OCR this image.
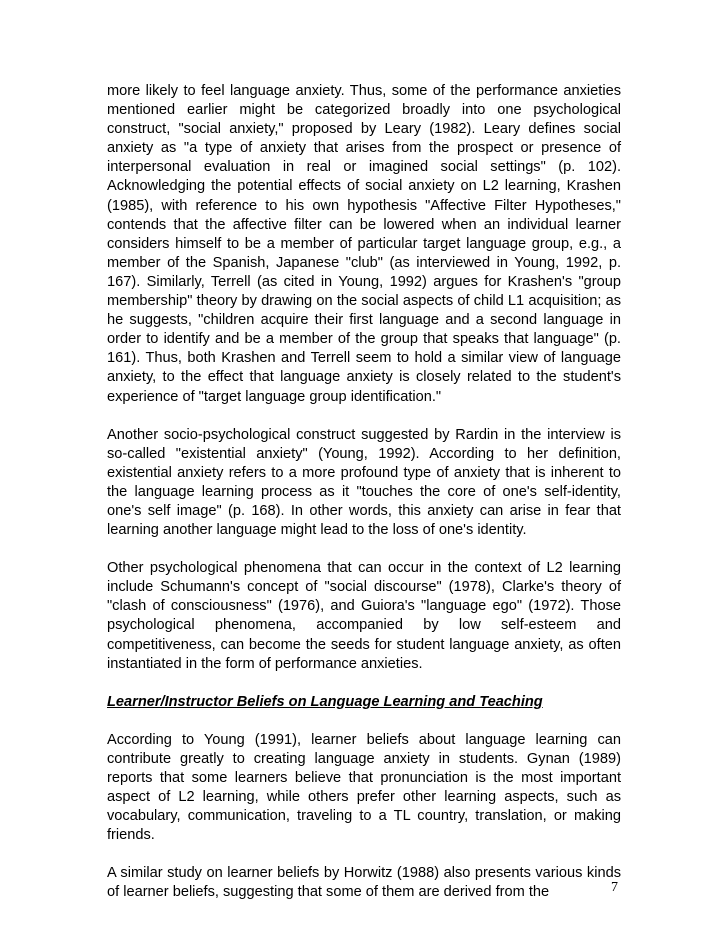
more likely to feel language anxiety. Thus, some of the performance anxieties mentioned earlier might be categorized broadly into one psychological construct, "social anxiety," proposed by Leary (1982). Leary defines social anxiety as "a type of anxiety that arises from the prospect or presence of interpersonal evaluation in real or imagined social settings" (p. 102). Acknowledging the potential effects of social anxiety on L2 learning, Krashen (1985), with reference to his own hypothesis "Affective Filter Hypotheses," contends that the affective filter can be lowered when an individual learner considers himself to be a member of particular target language group, e.g., a member of the Spanish, Japanese "club" (as interviewed in Young, 1992, p. 167). Similarly, Terrell (as cited in Young, 1992) argues for Krashen's "group membership" theory by drawing on the social aspects of child L1 acquisition; as he suggests, "children acquire their first language and a second language in order to identify and be a member of the group that speaks that language" (p. 161). Thus, both Krashen and Terrell seem to hold a similar view of language anxiety, to the effect that language anxiety is closely related to the student's experience of "target language group identification."

Another socio-psychological construct suggested by Rardin in the interview is so-called "existential anxiety" (Young, 1992). According to her definition, existential anxiety refers to a more profound type of anxiety that is inherent to the language learning process as it "touches the core of one's self-identity, one's self image" (p. 168). In other words, this anxiety can arise in fear that learning another language might lead to the loss of one's identity.

Other psychological phenomena that can occur in the context of L2 learning include Schumann's concept of "social discourse" (1978), Clarke's theory of "clash of consciousness" (1976), and Guiora's "language ego" (1972). Those psychological phenomena, accompanied by low self-esteem and competitiveness, can become the seeds for student language anxiety, as often instantiated in the form of performance anxieties.

Learner/Instructor Beliefs on Language Learning and Teaching

According to Young (1991), learner beliefs about language learning can contribute greatly to creating language anxiety in students. Gynan (1989) reports that some learners believe that pronunciation is the most important aspect of L2 learning, while others prefer other learning aspects, such as vocabulary, communication, traveling to a TL country, translation, or making friends.

A similar study on learner beliefs by Horwitz (1988) also presents various kinds of learner beliefs, suggesting that some of them are derived from the	7
